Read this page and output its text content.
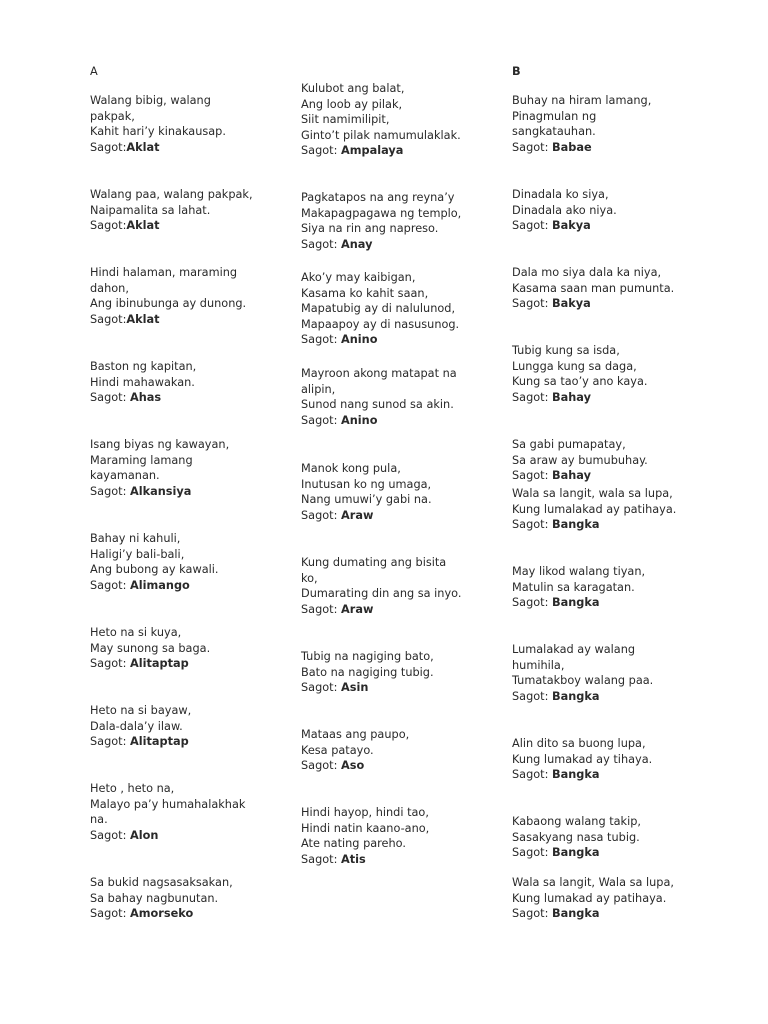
A	B
Walang bibig, walang
pakpak,
Kahit hari’y kinakausap.
Sagot:Aklat
Walang paa, walang pakpak,
Naipamalita sa lahat.
Sagot:Aklat
Hindi halaman, maraming
dahon,
Ang ibinubunga ay dunong.
Sagot:Aklat
Baston ng kapitan,
Hindi mahawakan.
Sagot: Ahas
Isang biyas ng kawayan,
Maraming lamang
kayamanan.
Sagot: Alkansiya
Bahay ni kahuli,
Haligi’y bali-bali,
Ang bubong ay kawali.
Sagot: Alimango
Heto na si kuya,
May sunong sa baga.
Sagot: Alitaptap
Heto na si bayaw,
Dala-dala’y ilaw.
Sagot: Alitaptap
Heto , heto na,
Malayo pa’y humahalakhak
na.
Sagot: Alon
Sa bukid nagsasaksakan,
Sa bahay nagbunutan.
Sagot: Amorseko
Kulubot ang balat,
Ang loob ay pilak,
Siit namimilipit,
Ginto’t pilak namumulaklak.
Sagot: Ampalaya
Pagkatapos na ang reyna’y
Makapagpagawa ng templo,
Siya na rin ang napreso.
Sagot: Anay
Ako’y may kaibigan,
Kasama ko kahit saan,
Mapatubig ay di nalulunod,
Mapaapoy ay di nasusunog.
Sagot: Anino
Mayroon akong matapat na
alipin,
Sunod nang sunod sa akin.
Sagot: Anino
Manok kong pula,
Inutusan ko ng umaga,
Nang umuwi’y gabi na.
Sagot: Araw
Kung dumating ang bisita
ko,
Dumarating din ang sa inyo.
Sagot: Araw
Tubig na nagiging bato,
Bato na nagiging tubig.
Sagot: Asin
Mataas ang paupo,
Kesa patayo.
Sagot: Aso
Hindi hayop, hindi tao,
Hindi natin kaano-ano,
Ate nating pareho.
Sagot: Atis
Buhay na hiram lamang,
Pinagmulan ng
sangkatauhan.
Sagot: Babae
Dinadala ko siya,
Dinadala ako niya.
Sagot: Bakya
Dala mo siya dala ka niya,
Kasama saan man pumunta.
Sagot: Bakya
Tubig kung sa isda,
Lungga kung sa daga,
Kung sa tao’y ano kaya.
Sagot: Bahay
Sa gabi pumapatay,
Sa araw ay bumubuhay.
Sagot: Bahay
Wala sa langit, wala sa lupa,
Kung lumalakad ay patihaya.
Sagot: Bangka
May likod walang tiyan,
Matulin sa karagatan.
Sagot: Bangka
Lumalakad ay walang
humihila,
Tumatakboy walang paa.
Sagot: Bangka
Alin dito sa buong lupa,
Kung lumakad ay tihaya.
Sagot: Bangka
Kabaong walang takip,
Sasakyang nasa tubig.
Sagot: Bangka
Wala sa langit, Wala sa lupa,
Kung lumakad ay patihaya.
Sagot: Bangka
